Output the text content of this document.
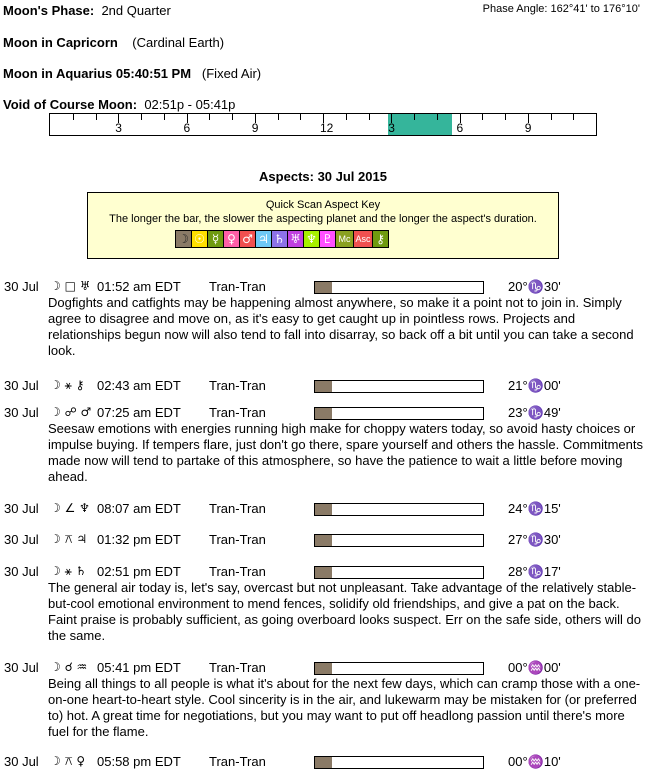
Moon's Phase: 2nd Quarter	Phase Angle: 162°41' to 176°10'
Moon in Capricorn (Cardinal Earth)
Moon in Aquarius 05:40:51 PM (Fixed Air)
Void of Course Moon: 02:51p - 05:41p
3	6	9	12	3	6	9
Aspects: 30 Jul 2015
Quick Scan Aspect Key
The longer the bar, the slower the aspecting planet and the longer the aspect's duration.
☽ ☉ ☿ ♀ ♂ ♃ ♄ ♅ ♆ ♇ Mc Asc ⚷
30 Jul ☽ □ ♅ 01:52 am EDT Tran-Tran	20°♑30'
Dogfights and catfights may be happening almost anywhere, so make it a point not to join in. Simply agree to disagree and move on, as it's easy to get caught up in pointless rows. Projects and relationships begun now will also tend to fall into disarray, so back off a bit until you can take a second look.
30 Jul ☽ ⚹ ⚷ 02:43 am EDT Tran-Tran	21°♑00'
30 Jul ☽ ☍ ♂ 07:25 am EDT Tran-Tran	23°♑49'
Seesaw emotions with energies running high make for choppy waters today, so avoid hasty choices or impulse buying. If tempers flare, just don't go there, spare yourself and others the hassle. Commitments made now will tend to partake of this atmosphere, so have the patience to wait a little before moving ahead.
30 Jul ☽ ∠ ♆ 08:07 am EDT Tran-Tran	24°♑15'
30 Jul ☽ ⚻ ♃ 01:32 pm EDT Tran-Tran	27°♑30'
30 Jul ☽ ⚹ ♄ 02:51 pm EDT Tran-Tran	28°♑17'
The general air today is, let's say, overcast but not unpleasant. Take advantage of the relatively stable-but-cool emotional environment to mend fences, solidify old friendships, and give a pat on the back. Faint praise is probably sufficient, as going overboard looks suspect. Err on the safe side, others will do the same.
30 Jul ☽ ☌ ♒ 05:41 pm EDT Tran-Tran	00°♒00'
Being all things to all people is what it's about for the next few days, which can cramp those with a one-on-one heart-to-heart style. Cool sincerity is in the air, and lukewarm may be mistaken for (or preferred to) hot. A great time for negotiations, but you may want to put off headlong passion until there's more fuel for the flame.
30 Jul ☽ ⚻ ♀ 05:58 pm EDT Tran-Tran	00°♒10'
